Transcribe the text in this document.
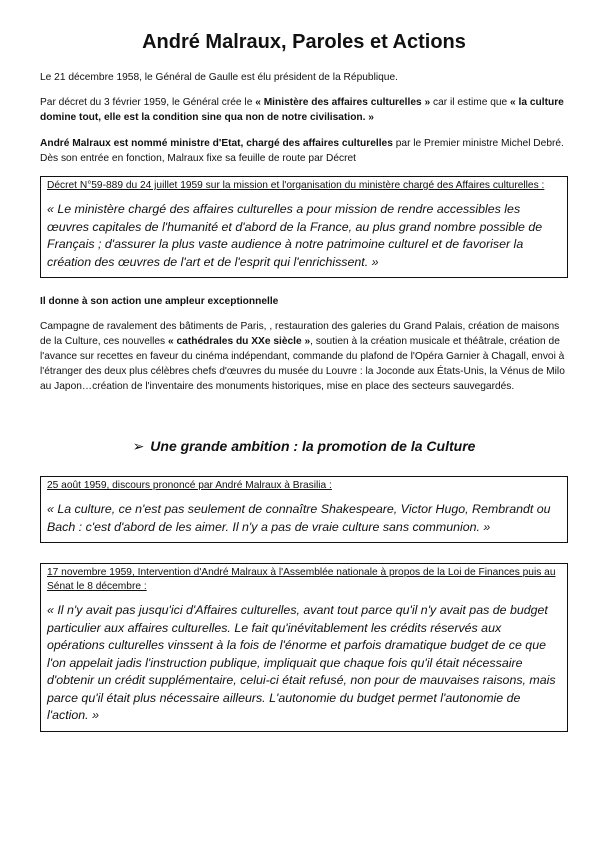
André Malraux, Paroles et Actions

Le 21 décembre 1958, le Général de Gaulle est élu président de la République.

Par décret du 3 février 1959, le Général crée le « Ministère des affaires culturelles » car il estime que « la culture domine tout, elle est la condition sine qua non de notre civilisation. »

André Malraux est nommé ministre d'Etat, chargé des affaires culturelles par le Premier ministre Michel Debré. Dès son entrée en fonction, Malraux fixe sa feuille de route par Décret

Décret N°59-889 du 24 juillet 1959 sur la mission et l'organisation du ministère chargé des Affaires culturelles :

« Le ministère chargé des affaires culturelles a pour mission de rendre accessibles les œuvres capitales de l'humanité et d'abord de la France, au plus grand nombre possible de Français ; d'assurer la plus vaste audience à notre patrimoine culturel et de favoriser la création des œuvres de l'art et de l'esprit qui l'enrichissent. »

Il donne à son action une ampleur exceptionnelle

Campagne de ravalement des bâtiments de Paris, , restauration des galeries du Grand Palais, création de maisons de la Culture, ces nouvelles « cathédrales du XXe siècle », soutien à la création musicale et théâtrale, création de l'avance sur recettes en faveur du cinéma indépendant, commande du plafond de l'Opéra Garnier à Chagall, envoi à l'étranger des deux plus célèbres chefs d'œuvres du musée du Louvre : la Joconde aux États-Unis, la Vénus de Milo au Japon…création de l'inventaire des monuments historiques, mise en place des secteurs sauvegardés.

➢ Une grande ambition : la promotion de la Culture

25 août 1959, discours prononcé par André Malraux à Brasilia :

« La culture, ce n'est pas seulement de connaître Shakespeare, Victor Hugo, Rembrandt ou Bach : c'est d'abord de les aimer. Il n'y a pas de vraie culture sans communion. »

17 novembre 1959, Intervention d'André Malraux à l'Assemblée nationale à propos de la Loi de Finances puis au Sénat le 8 décembre :

« Il n'y avait pas jusqu'ici d'Affaires culturelles, avant tout parce qu'il n'y avait pas de budget particulier aux affaires culturelles. Le fait qu'inévitablement les crédits réservés aux opérations culturelles vinssent à la fois de l'énorme et parfois dramatique budget de ce que l'on appelait jadis l'instruction publique, impliquait que chaque fois qu'il était nécessaire d'obtenir un crédit supplémentaire, celui-ci était refusé, non pour de mauvaises raisons, mais parce qu'il était plus nécessaire ailleurs. L'autonomie du budget permet l'autonomie de l'action. »
